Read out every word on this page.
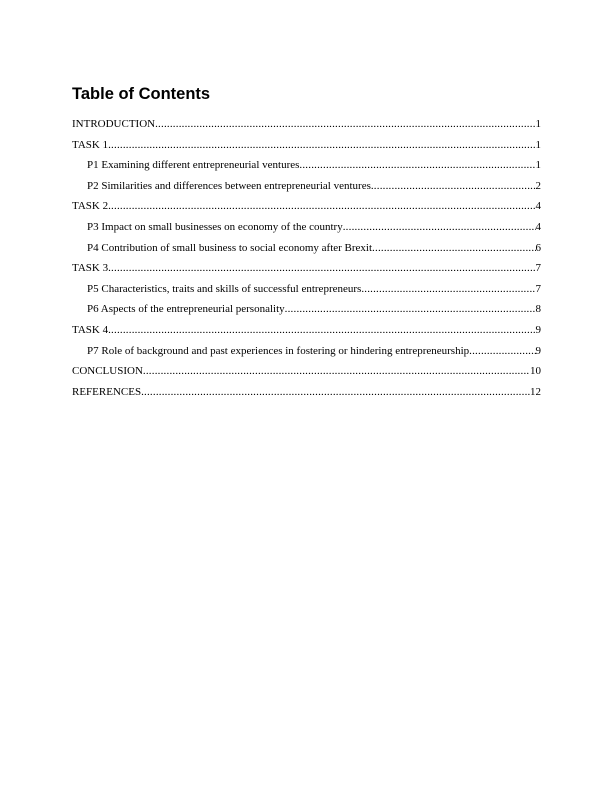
Table of Contents
INTRODUCTION .....	1
TASK 1 .....	1
P1 Examining different entrepreneurial ventures .....	1
P2 Similarities and differences between entrepreneurial ventures .....	2
TASK 2 .....	4
P3 Impact on small businesses on economy of the country .....	4
P4 Contribution of small business to social economy after Brexit .....	6
TASK 3 .....	7
P5 Characteristics, traits and skills of successful entrepreneurs .....	7
P6 Aspects of the entrepreneurial personality .....	8
TASK 4 .....	9
P7 Role of background and past experiences in fostering or hindering entrepreneurship .....	9
CONCLUSION .....	10
REFERENCES .....	12
